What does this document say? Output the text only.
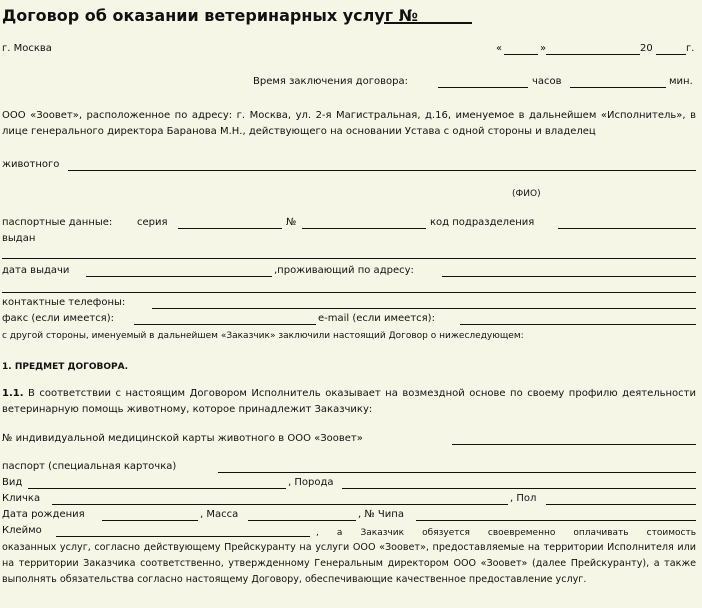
Договор об оказании ветеринарных услуг №
г. Москва	«	»	20	г.
Время заключения договора:	часов	мин.
ООО «Зоовет», расположенное по адресу: г. Москва, ул. 2-я Магистральная, д.16, именуемое в дальнейшем «Исполнитель», в лице генерального директора Баранова М.Н., действующего на основании Устава с одной стороны и владелец
животного
(ФИО)
паспортные данные: серия	№	код подразделения
выдан
дата выдачи	,проживающий по адресу:
контактные телефоны:
факс (если имеется):	e-mail (если имеется):
с другой стороны, именуемый в дальнейшем «Заказчик» заключили настоящий Договор о нижеследующем:
1. ПРЕДМЕТ ДОГОВОРА.
1.1. В соответствии с настоящим Договором Исполнитель оказывает на возмездной основе по своему профилю деятельности ветеринарную помощь животному, которое принадлежит Заказчику:
№ индивидуальной медицинской карты животного в ООО «Зоовет»
паспорт (специальная карточка)
Вид	, Порода
Кличка	, Пол
Дата рождения	, Масса	, № Чипа
Клеймо	, а Заказчик обязуется своевременно оплачивать стоимость
оказанных услуг, согласно действующему Прейскуранту на услуги ООО «Зоовет», предоставляемые на территории Исполнителя или на территории Заказчика соответственно, утвержденному Генеральным директором ООО «Зоовет» (далее Прейскуранту), а также выполнять обязательства согласно настоящему Договору, обеспечивающие качественное предоставление услуг.
